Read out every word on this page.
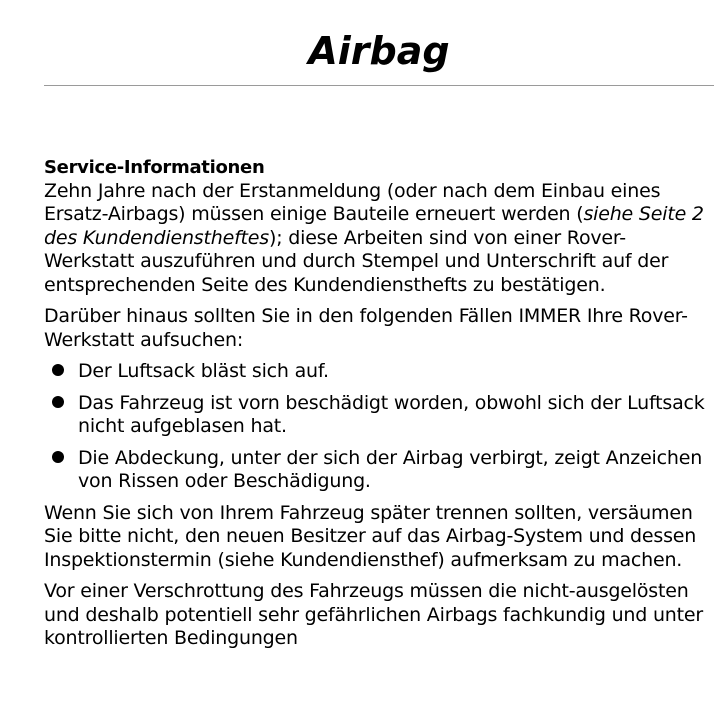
Airbag
Service-Informationen

Zehn Jahre nach der Erstanmeldung (oder nach dem Einbau eines Ersatz-Airbags) müssen einige Bauteile erneuert werden (siehe Seite 2 des Kundendienstheftes); diese Arbeiten sind von einer Rover-Werkstatt auszuführen und durch Stempel und Unterschrift auf der entsprechenden Seite des Kundendiensthefts zu bestätigen.

Darüber hinaus sollten Sie in den folgenden Fällen IMMER Ihre Rover- Werkstatt aufsuchen:

Der Luftsack bläst sich auf.
Das Fahrzeug ist vorn beschädigt worden, obwohl sich der Luftsack nicht aufgeblasen hat.
Die Abdeckung, unter der sich der Airbag verbirgt, zeigt Anzeichen von Rissen oder Beschädigung.

Wenn Sie sich von Ihrem Fahrzeug später trennen sollten, versäumen Sie bitte nicht, den neuen Besitzer auf das Airbag-System und dessen Inspektionstermin (siehe Kundendiensthef) aufmerksam zu machen.

Vor einer Verschrottung des Fahrzeugs müssen die nicht-ausgelösten und deshalb potentiell sehr gefährlichen Airbags fachkundig und unter kontrollierten Bedingungen
